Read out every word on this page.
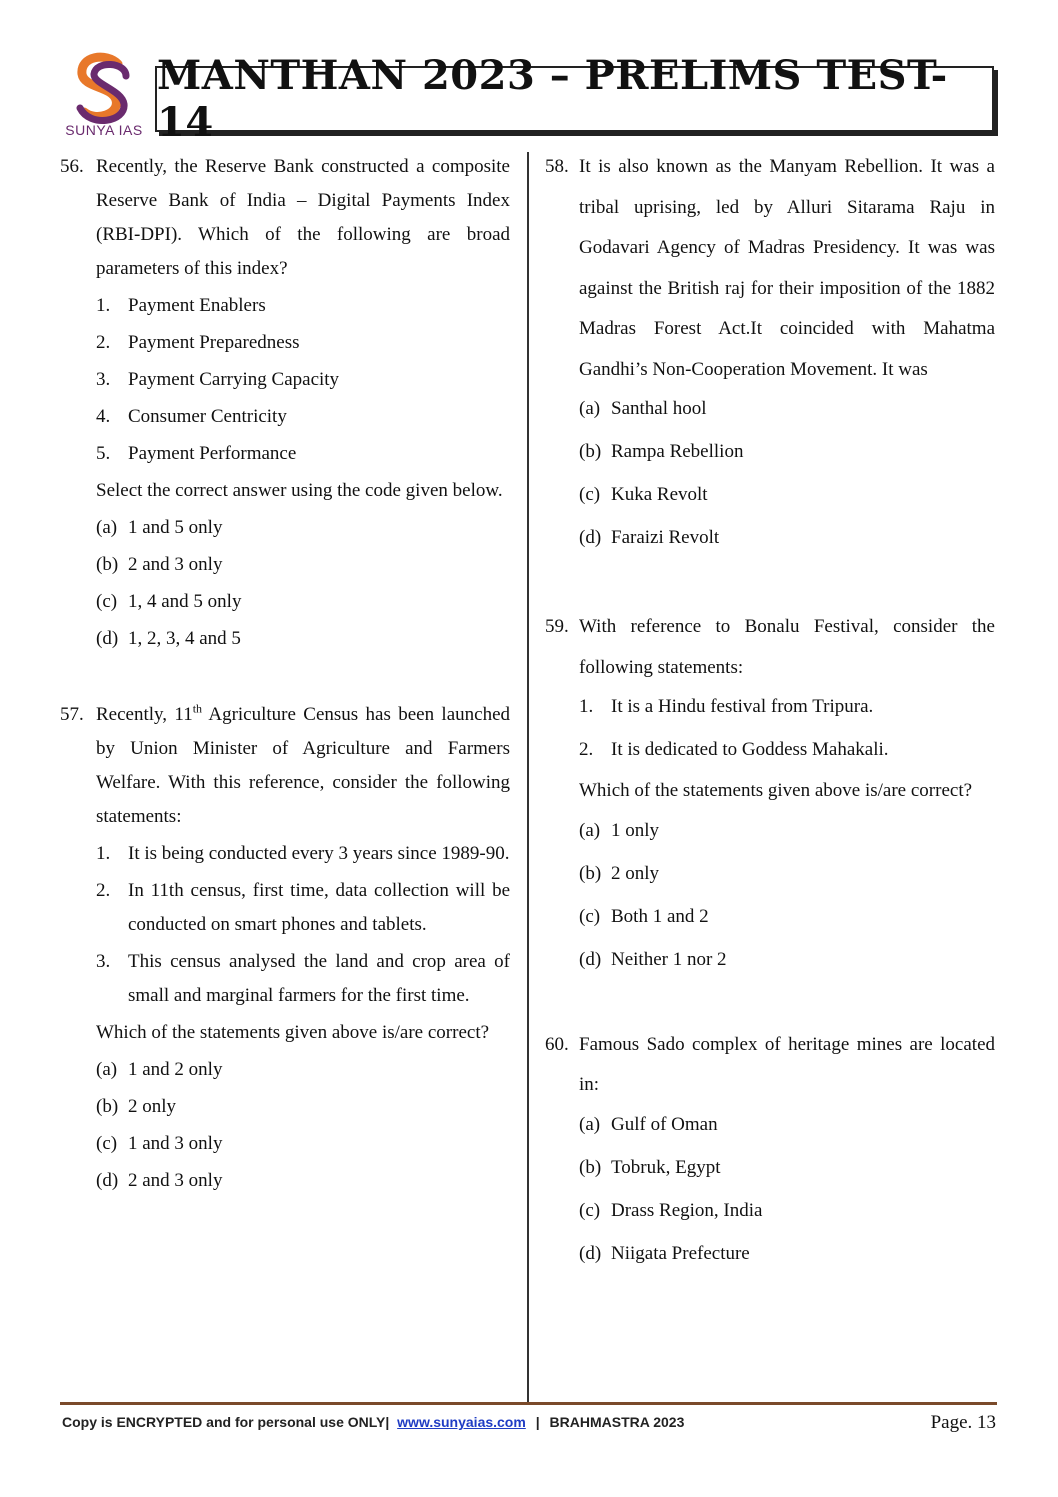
SUNYA IAS
MANTHAN 2023 – PRELIMS TEST-14
56. Recently, the Reserve Bank constructed a composite Reserve Bank of India – Digital Payments Index (RBI-DPI). Which of the following are broad parameters of this index?
1. Payment Enablers
2. Payment Preparedness
3. Payment Carrying Capacity
4. Consumer Centricity
5. Payment Performance
Select the correct answer using the code given below.
(a) 1 and 5 only
(b) 2 and 3 only
(c) 1, 4 and 5 only
(d) 1, 2, 3, 4 and 5
57. Recently, 11th Agriculture Census has been launched by Union Minister of Agriculture and Farmers Welfare. With this reference, consider the following statements:
1. It is being conducted every 3 years since 1989-90.
2. In 11th census, first time, data collection will be conducted on smart phones and tablets.
3. This census analysed the land and crop area of small and marginal farmers for the first time.
Which of the statements given above is/are correct?
(a) 1 and 2 only
(b) 2 only
(c) 1 and 3 only
(d) 2 and 3 only
58. It is also known as the Manyam Rebellion. It was a tribal uprising, led by Alluri Sitarama Raju in Godavari Agency of Madras Presidency. It was was against the British raj for their imposition of the 1882 Madras Forest Act.It coincided with Mahatma Gandhi’s Non-Cooperation Movement. It was
(a) Santhal hool
(b) Rampa Rebellion
(c) Kuka Revolt
(d) Faraizi Revolt
59. With reference to Bonalu Festival, consider the following statements:
1. It is a Hindu festival from Tripura.
2. It is dedicated to Goddess Mahakali.
Which of the statements given above is/are correct?
(a) 1 only
(b) 2 only
(c) Both 1 and 2
(d) Neither 1 nor 2
60. Famous Sado complex of heritage mines are located in:
(a) Gulf of Oman
(b) Tobruk, Egypt
(c) Drass Region, India
(d) Niigata Prefecture
Copy is ENCRYPTED and for personal use ONLY| www.sunyaias.com | BRAHMASTRA 2023	Page. 13
